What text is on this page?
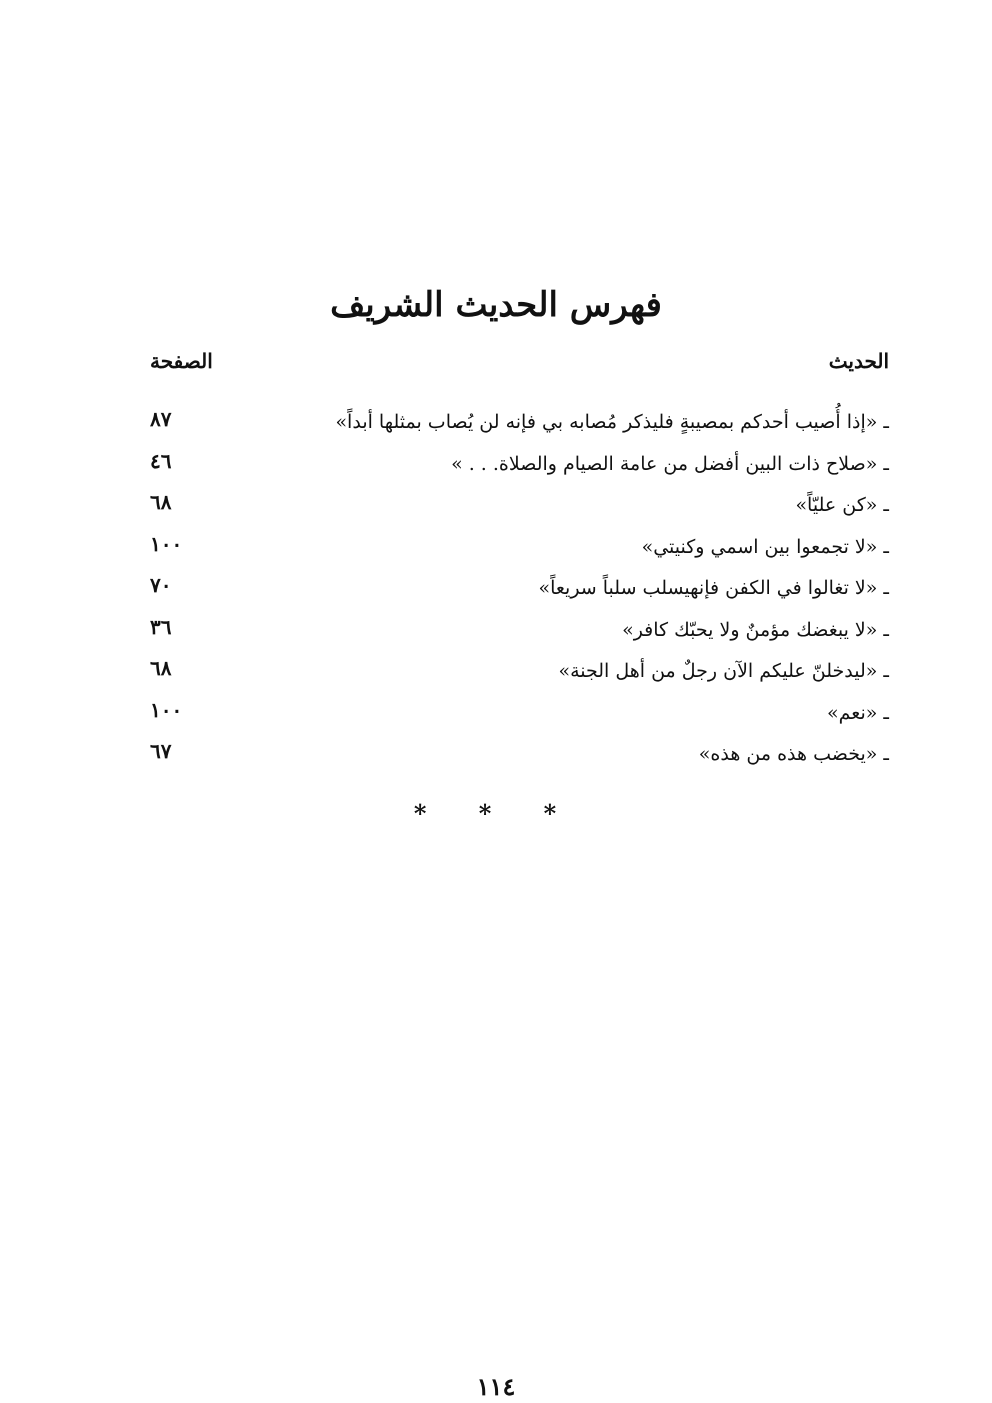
فهرس الحديث الشريف
الحديث
الصفحة
ـ «إذا أُصيب أحدكم بمصيبةٍ فليذكر مُصابه بي فإنه لن يُصاب بمثلها أبداً»
٨٧
ـ «صلاح ذات البين أفضل من عامة الصيام والصلاة. . . »
٤٦
ـ «كن عليّاً»
٦٨
ـ «لا تجمعوا بين اسمي وكنيتي»
١٠٠
ـ «لا تغالوا في الكفن فإنهيسلب سلباً سريعاً»
٧٠
ـ «لا يبغضك مؤمنٌ ولا يحبّك كافر»
٣٦
ـ «ليدخلنّ عليكم الآن رجلٌ من أهل الجنة»
٦٨
ـ «نعم»
١٠٠
ـ «يخضب هذه من هذه»
٦٧
* * *
١١٤
